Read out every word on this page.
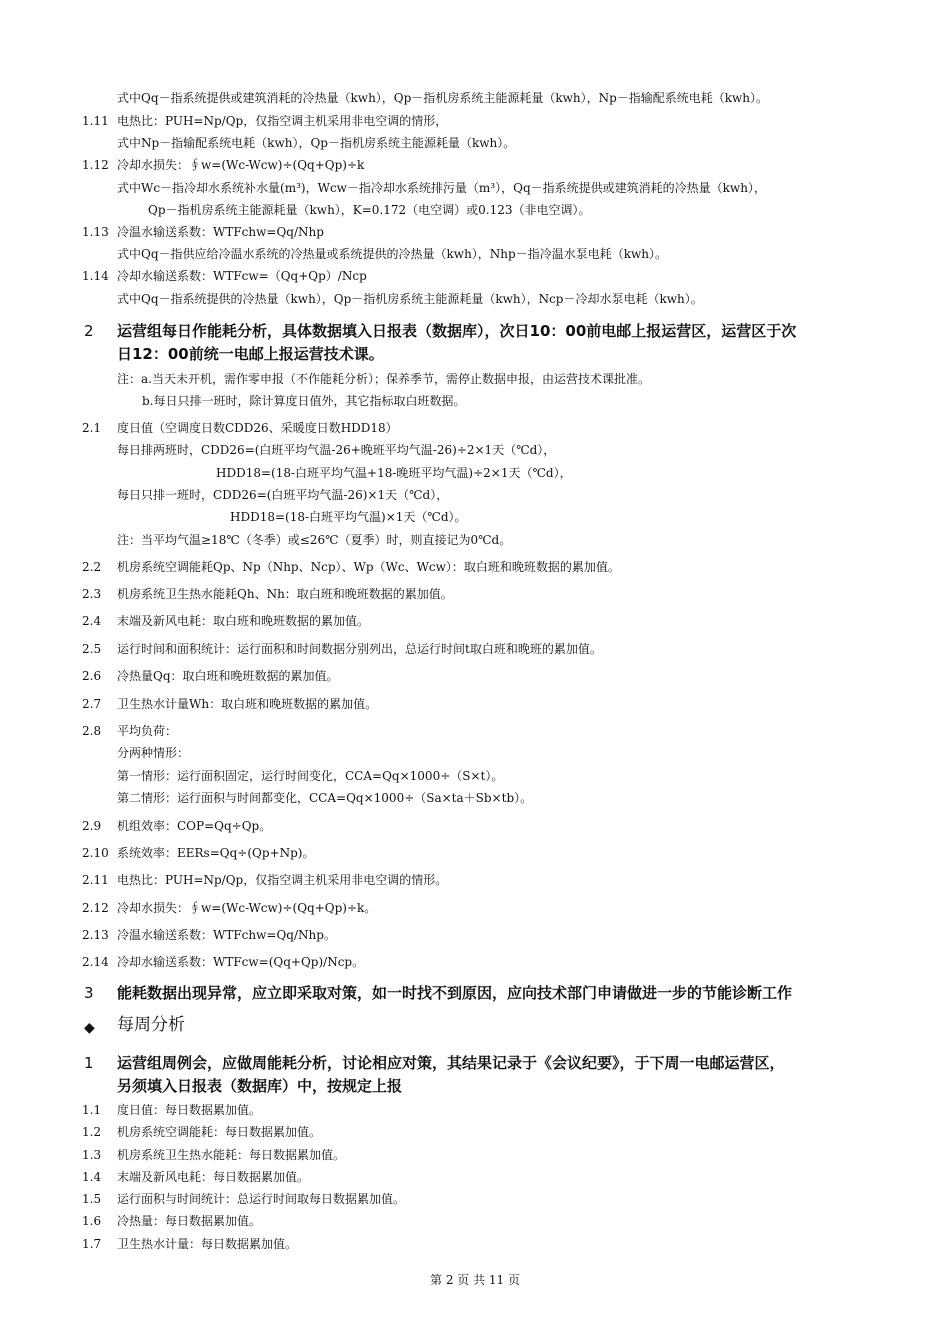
式中Qq－指系统提供或建筑消耗的冷热量（kwh），Qp－指机房系统主能源耗量（kwh），Np－指输配系统电耗（kwh）。
1.11 电热比：PUH=Np/Qp，仅指空调主机采用非电空调的情形，
式中Np－指输配系统电耗（kwh），Qp－指机房系统主能源耗量（kwh）。
1.12 冷却水损失：∮w=(Wc-Wcw)÷(Qq+Qp)÷k
式中Wc－指冷却水系统补水量(m³)，Wcw－指冷却水系统排污量（m³），Qq－指系统提供或建筑消耗的冷热量（kwh），
Qp－指机房系统主能源耗量（kwh），K=0.172（电空调）或0.123（非电空调）。
1.13 冷温水输送系数：WTFchw=Qq/Nhp
式中Qq－指供应给冷温水系统的冷热量或系统提供的冷热量（kwh），Nhp－指冷温水泵电耗（kwh）。
1.14 冷却水输送系数：WTFcw=（Qq+Qp）/Ncp
式中Qq－指系统提供的冷热量（kwh），Qp－指机房系统主能源耗量（kwh），Ncp－冷却水泵电耗（kwh）。
2 运营组每日作能耗分析，具体数据填入日报表（数据库），次日10：00前电邮上报运营区，运营区于次
日12：00前统一电邮上报运营技术课。
注：a.当天未开机，需作零申报（不作能耗分析）；保养季节，需停止数据申报，由运营技术课批准。
b.每日只排一班时，除计算度日值外，其它指标取白班数据。
2.1 度日值（空调度日数CDD26、采暖度日数HDD18）
每日排两班时，CDD26=(白班平均气温-26+晚班平均气温-26)÷2×1天（℃d），
HDD18=(18-白班平均气温+18-晚班平均气温)÷2×1天（℃d），
每日只排一班时，CDD26=(白班平均气温-26)×1天（℃d），
HDD18=(18-白班平均气温)×1天（℃d）。
注：当平均气温≥18℃（冬季）或≤26℃（夏季）时，则直接记为0℃d。
2.2 机房系统空调能耗Qp、Np（Nhp、Ncp）、Wp（Wc、Wcw）：取白班和晚班数据的累加值。
2.3 机房系统卫生热水能耗Qh、Nh：取白班和晚班数据的累加值。
2.4 末端及新风电耗：取白班和晚班数据的累加值。
2.5 运行时间和面积统计：运行面积和时间数据分别列出，总运行时间t取白班和晚班的累加值。
2.6 冷热量Qq：取白班和晚班数据的累加值。
2.7 卫生热水计量Wh：取白班和晚班数据的累加值。
2.8 平均负荷：
分两种情形：
第一情形：运行面积固定，运行时间变化，CCA=Qq×1000÷（S×t）。
第二情形：运行面积与时间都变化，CCA=Qq×1000÷（Sa×ta＋Sb×tb）。
2.9 机组效率：COP=Qq÷Qp。
2.10 系统效率：EERs=Qq÷(Qp+Np)。
2.11 电热比：PUH=Np/Qp，仅指空调主机采用非电空调的情形。
2.12 冷却水损失：∮w=(Wc-Wcw)÷(Qq+Qp)÷k。
2.13 冷温水输送系数：WTFchw=Qq/Nhp。
2.14 冷却水输送系数：WTFcw=(Qq+Qp)/Ncp。
3 能耗数据出现异常，应立即采取对策，如一时找不到原因，应向技术部门申请做进一步的节能诊断工作
◆ 每周分析
1 运营组周例会，应做周能耗分析，讨论相应对策，其结果记录于《会议纪要》，于下周一电邮运营区，
另须填入日报表（数据库）中，按规定上报
1.1 度日值：每日数据累加值。
1.2 机房系统空调能耗：每日数据累加值。
1.3 机房系统卫生热水能耗：每日数据累加值。
1.4 末端及新风电耗：每日数据累加值。
1.5 运行面积与时间统计：总运行时间取每日数据累加值。
1.6 冷热量：每日数据累加值。
1.7 卫生热水计量：每日数据累加值。
第 2 页 共 11 页
